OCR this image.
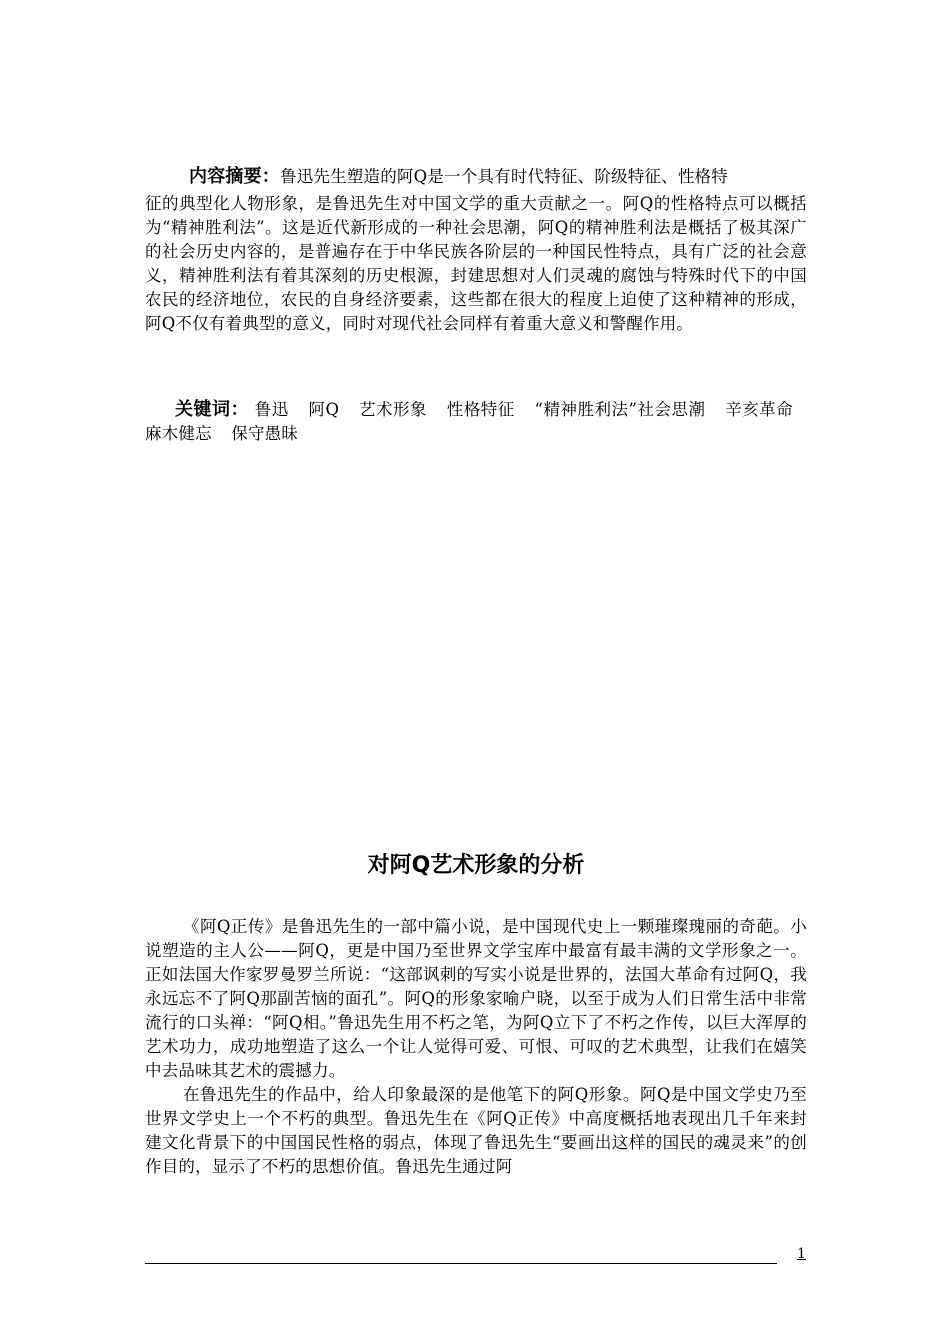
内容摘要：鲁迅先生塑造的阿Q是一个具有时代特征、阶级特征、性格特
征的典型化人物形象，是鲁迅先生对中国文学的重大贡献之一。阿Q的性格特点可以概括为“精神胜利法”。这是近代新形成的一种社会思潮，阿Q的精神胜利法是概括了极其深广的社会历史内容的，是普遍存在于中华民族各阶层的一种国民性特点，具有广泛的社会意义，精神胜利法有着其深刻的历史根源，封建思想对人们灵魂的腐蚀与特殊时代下的中国农民的经济地位，农民的自身经济要素，这些都在很大的程度上迫使了这种精神的形成，阿Q不仅有着典型的意义，同时对现代社会同样有着重大意义和警醒作用。
关键词： 鲁迅 阿Q 艺术形象 性格特征 “精神胜利法”社会思潮 辛亥革命 麻木健忘 保守愚昧
对阿Q艺术形象的分析

《阿Q正传》是鲁迅先生的一部中篇小说，是中国现代史上一颗璀璨瑰丽的奇葩。小说塑造的主人公——阿Q，更是中国乃至世界文学宝库中最富有最丰满的文学形象之一。正如法国大作家罗曼罗兰所说：“这部讽刺的写实小说是世界的，法国大革命有过阿Q，我永远忘不了阿Q那副苦恼的面孔”。阿Q的形象家喻户晓，以至于成为人们日常生活中非常流行的口头禅：“阿Q相。”鲁迅先生用不朽之笔，为阿Q立下了不朽之作传，以巨大浑厚的艺术功力，成功地塑造了这么一个让人觉得可爱、可恨、可叹的艺术典型，让我们在嬉笑中去品味其艺术的震撼力。

在鲁迅先生的作品中，给人印象最深的是他笔下的阿Q形象。阿Q是中国文学史乃至世界文学史上一个不朽的典型。鲁迅先生在《阿Q正传》中高度概括地表现出几千年来封建文化背景下的中国国民性格的弱点，体现了鲁迅先生“要画出这样的国民的魂灵来”的创作目的，显示了不朽的思想价值。鲁迅先生通过阿

1
